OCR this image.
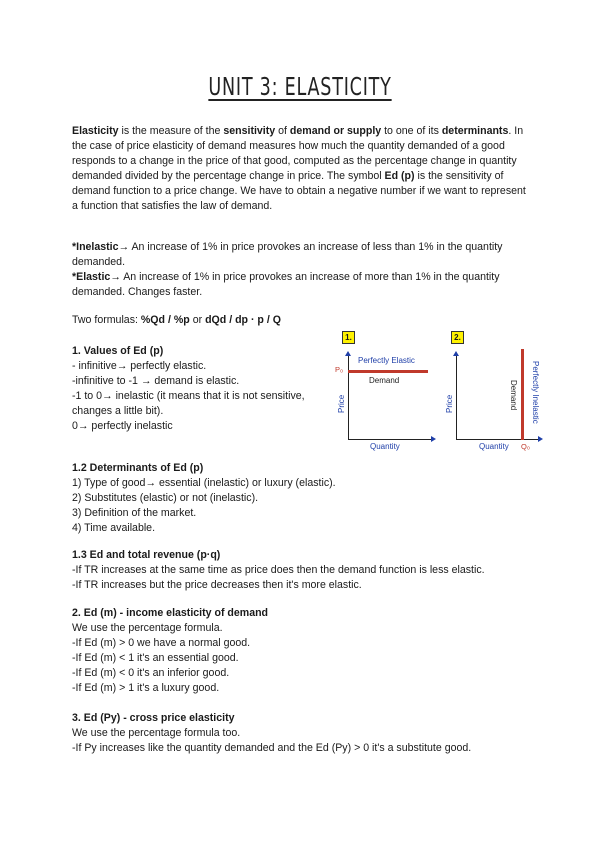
UNIT 3: ELASTICITY
Elasticity is the measure of the sensitivity of demand or supply to one of its determinants. In the case of price elasticity of demand measures how much the quantity demanded of a good responds to a change in the price of that good, computed as the percentage change in quantity demanded divided by the percentage change in price. The symbol Ed (p) is the sensitivity of demand function to a price change. We have to obtain a negative number if we want to represent a function that satisfies the law of demand.
*Inelastic→ An increase of 1% in price provokes an increase of less than 1% in the quantity demanded.
*Elastic→ An increase of 1% in price provokes an increase of more than 1% in the quantity demanded. Changes faster.
Two formulas: %Qd / %p or dQd / dp · p / Q
1. Values of Ed (p)
- infinitive→ perfectly elastic.
-infinitive to -1 → demand is elastic.
-1 to 0→ inelastic (it means that it is not sensitive, changes a little bit).
0→ perfectly inelastic
1.	2.
Perfectly Elastic
Demand
P₀
Price
Quantity
Perfectly Inelastic
Demand
Q₀
Price
Quantity
1.2 Determinants of Ed (p)
1) Type of good→ essential (inelastic) or luxury (elastic).
2) Substitutes (elastic) or not (inelastic).
3) Definition of the market.
4) Time available.
1.3 Ed and total revenue (p·q)
-If TR increases at the same time as price does then the demand function is less elastic.
-If TR increases but the price decreases then it's more elastic.
2. Ed (m) - income elasticity of demand
We use the percentage formula.
-If Ed (m) > 0 we have a normal good.
-If Ed (m) < 1 it's an essential good.
-If Ed (m) < 0 it's an inferior good.
-If Ed (m) > 1 it's a luxury good.
3. Ed (Py) - cross price elasticity
We use the percentage formula too.
-If Py increases like the quantity demanded and the Ed (Py) > 0 it's a substitute good.
